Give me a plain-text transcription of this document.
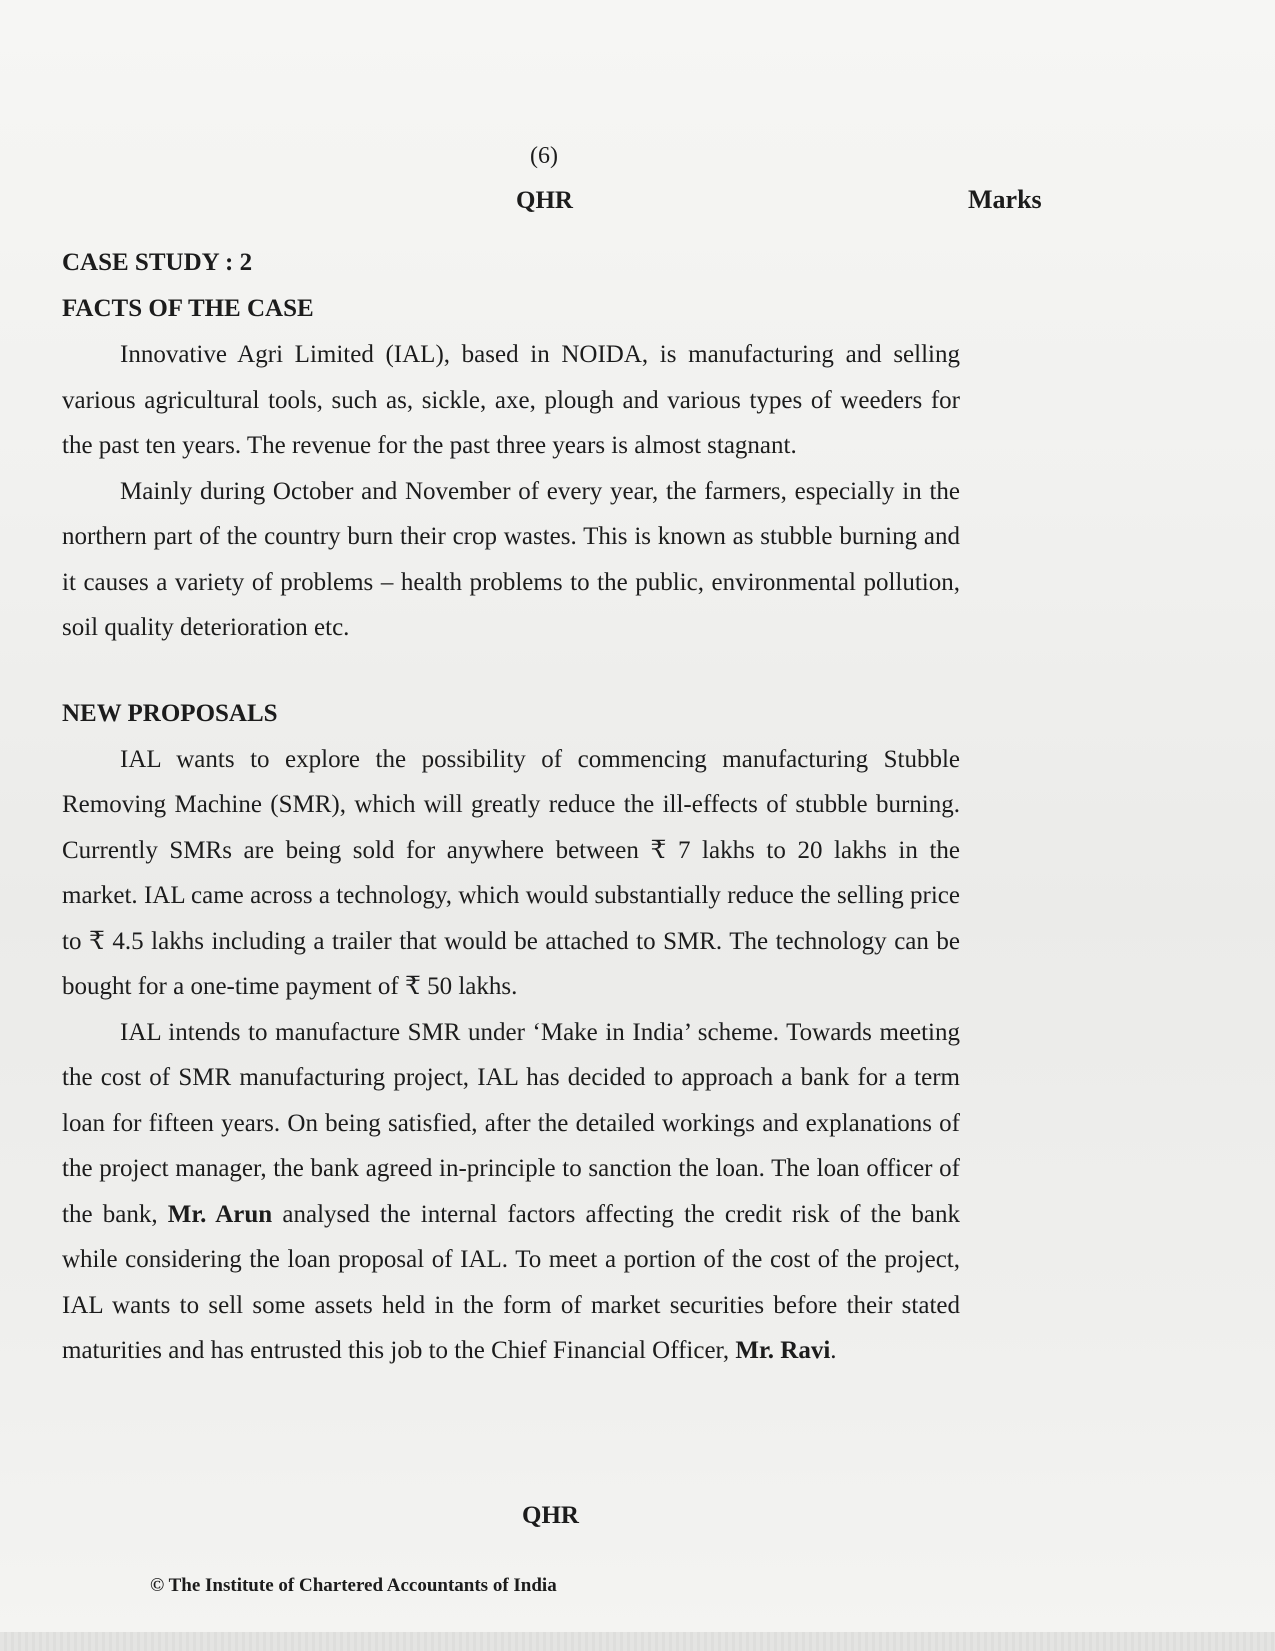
(6)
QHR	Marks

CASE STUDY : 2

FACTS OF THE CASE

Innovative Agri Limited (IAL), based in NOIDA, is manufacturing and selling various agricultural tools, such as, sickle, axe, plough and various types of weeders for the past ten years. The revenue for the past three years is almost stagnant.

Mainly during October and November of every year, the farmers, especially in the northern part of the country burn their crop wastes. This is known as stubble burning and it causes a variety of problems – health problems to the public, environmental pollution, soil quality deterioration etc.

NEW PROPOSALS

IAL wants to explore the possibility of commencing manufacturing Stubble Removing Machine (SMR), which will greatly reduce the ill-effects of stubble burning. Currently SMRs are being sold for anywhere between ₹ 7 lakhs to 20 lakhs in the market. IAL came across a technology, which would substantially reduce the selling price to ₹ 4.5 lakhs including a trailer that would be attached to SMR. The technology can be bought for a one-time payment of ₹ 50 lakhs.

IAL intends to manufacture SMR under ‘Make in India’ scheme. Towards meeting the cost of SMR manufacturing project, IAL has decided to approach a bank for a term loan for fifteen years. On being satisfied, after the detailed workings and explanations of the project manager, the bank agreed in-principle to sanction the loan. The loan officer of the bank, Mr. Arun analysed the internal factors affecting the credit risk of the bank while considering the loan proposal of IAL. To meet a portion of the cost of the project, IAL wants to sell some assets held in the form of market securities before their stated maturities and has entrusted this job to the Chief Financial Officer, Mr. Ravi.

QHR
© The Institute of Chartered Accountants of India
